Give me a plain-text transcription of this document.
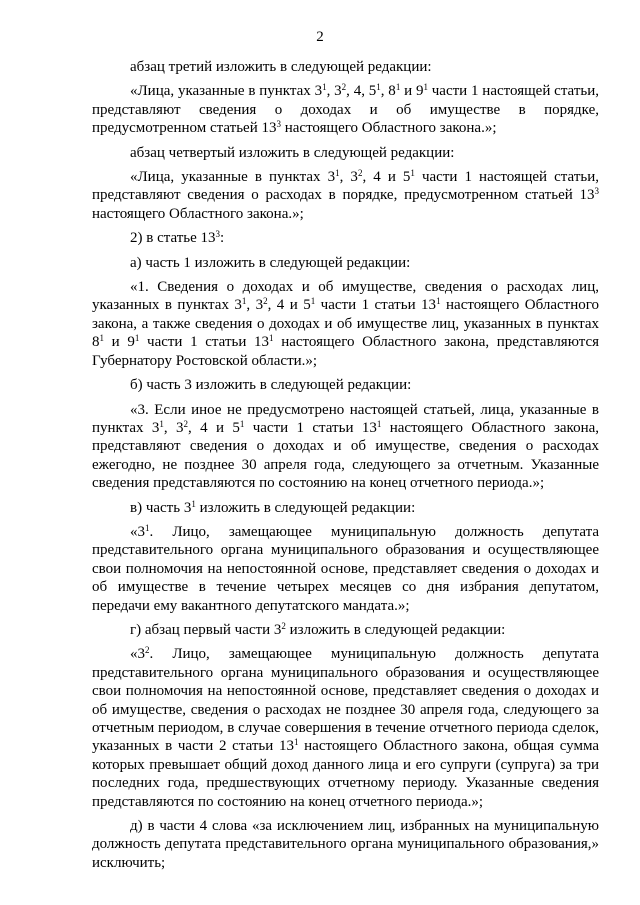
2

абзац третий изложить в следующей редакции:

«Лица, указанные в пунктах $3^1$, $3^2$, 4, $5^1$, $8^1$ и $9^1$ части 1 настоящей статьи, представляют сведения о доходах и об имуществе в порядке, предусмотренном статьей $13^3$ настоящего Областного закона.»;

абзац четвертый изложить в следующей редакции:

«Лица, указанные в пунктах $3^1$, $3^2$, 4 и $5^1$ части 1 настоящей статьи, представляют сведения о расходах в порядке, предусмотренном статьей $13^3$ настоящего Областного закона.»;

2) в статье $13^3$:

а) часть 1 изложить в следующей редакции:

«1. Сведения о доходах и об имуществе, сведения о расходах лиц, указанных в пунктах $3^1$, $3^2$, 4 и $5^1$ части 1 статьи $13^1$ настоящего Областного закона, а также сведения о доходах и об имуществе лиц, указанных в пунктах $8^1$ и $9^1$ части 1 статьи $13^1$ настоящего Областного закона, представляются Губернатору Ростовской области.»;

б) часть 3 изложить в следующей редакции:

«3. Если иное не предусмотрено настоящей статьей, лица, указанные в пунктах $3^1$, $3^2$, 4 и $5^1$ части 1 статьи $13^1$ настоящего Областного закона, представляют сведения о доходах и об имуществе, сведения о расходах ежегодно, не позднее 30 апреля года, следующего за отчетным. Указанные сведения представляются по состоянию на конец отчетного периода.»;

в) часть $3^1$ изложить в следующей редакции:

«$3^1$. Лицо, замещающее муниципальную должность депутата представительного органа муниципального образования и осуществляющее свои полномочия на непостоянной основе, представляет сведения о доходах и об имуществе в течение четырех месяцев со дня избрания депутатом, передачи ему вакантного депутатского мандата.»;

г) абзац первый части $3^2$ изложить в следующей редакции:

«$3^2$. Лицо, замещающее муниципальную должность депутата представительного органа муниципального образования и осуществляющее свои полномочия на непостоянной основе, представляет сведения о доходах и об имуществе, сведения о расходах не позднее 30 апреля года, следующего за отчетным периодом, в случае совершения в течение отчетного периода сделок, указанных в части 2 статьи $13^1$ настоящего Областного закона, общая сумма которых превышает общий доход данного лица и его супруги (супруга) за три последних года, предшествующих отчетному периоду. Указанные сведения представляются по состоянию на конец отчетного периода.»;

д) в части 4 слова «за исключением лиц, избранных на муниципальную должность депутата представительного органа муниципального образования,» исключить;
